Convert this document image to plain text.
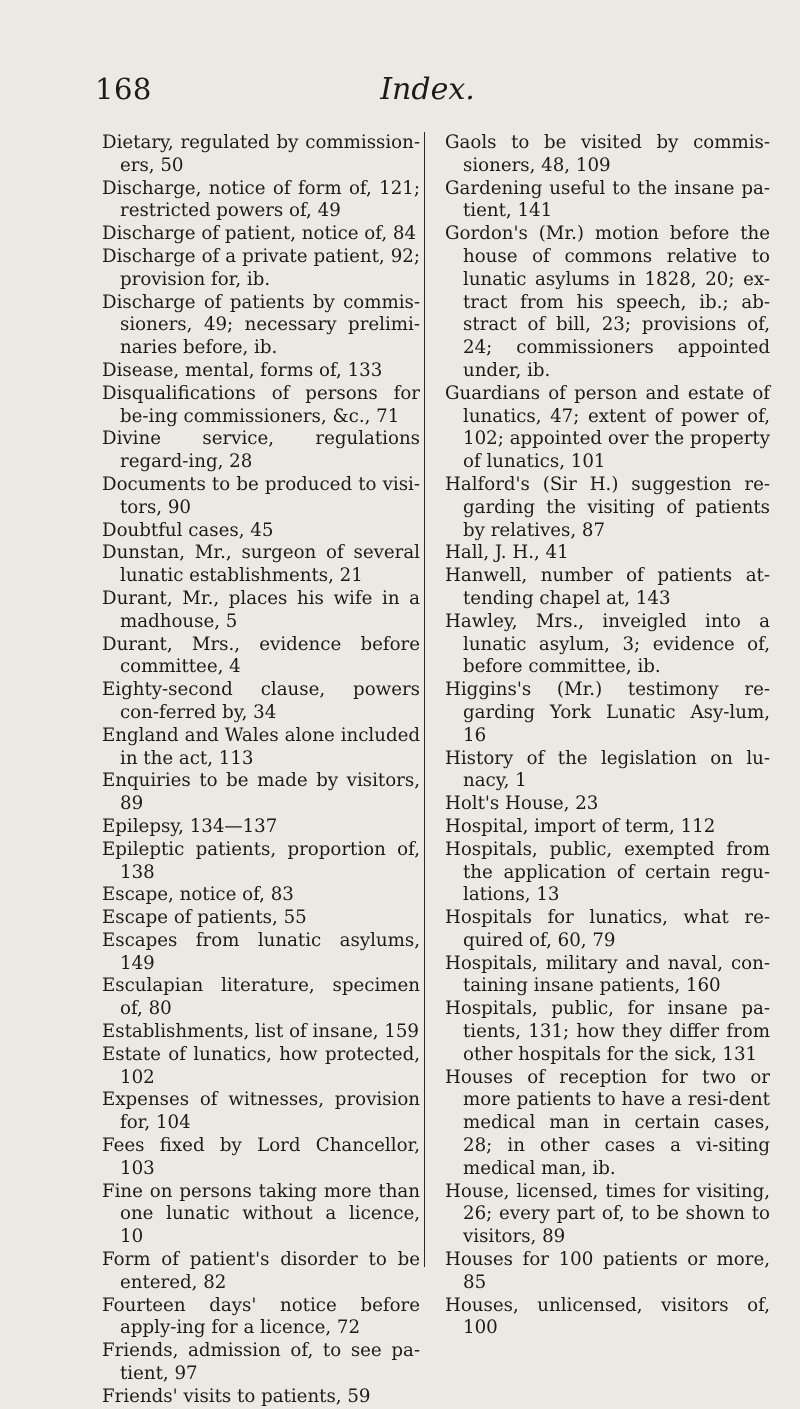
168	Index.

Dietary, regulated by commission-ers, 50

Discharge, notice of form of, 121; restricted powers of, 49

Discharge of patient, notice of, 84

Discharge of a private patient, 92; provision for, ib.

Discharge of patients by commis-sioners, 49; necessary prelimi-naries before, ib.

Disease, mental, forms of, 133

Disqualifications of persons for be-ing commissioners, &c., 71

Divine service, regulations regard-ing, 28

Documents to be produced to visi-tors, 90

Doubtful cases, 45

Dunstan, Mr., surgeon of several lunatic establishments, 21

Durant, Mr., places his wife in a madhouse, 5

Durant, Mrs., evidence before committee, 4

Eighty-second clause, powers con-ferred by, 34

England and Wales alone included in the act, 113

Enquiries to be made by visitors, 89

Epilepsy, 134—137

Epileptic patients, proportion of, 138

Escape, notice of, 83

Escape of patients, 55

Escapes from lunatic asylums, 149

Esculapian literature, specimen of, 80

Establishments, list of insane, 159

Estate of lunatics, how protected, 102

Expenses of witnesses, provision for, 104

Fees fixed by Lord Chancellor, 103

Fine on persons taking more than one lunatic without a licence, 10

Form of patient's disorder to be entered, 82

Fourteen days' notice before apply-ing for a licence, 72

Friends, admission of, to see pa-tient, 97

Friends' visits to patients, 59

Gaols to be visited by commis-sioners, 48, 109

Gardening useful to the insane pa-tient, 141

Gordon's (Mr.) motion before the house of commons relative to lunatic asylums in 1828, 20; ex-tract from his speech, ib.; ab-stract of bill, 23; provisions of, 24; commissioners appointed under, ib.

Guardians of person and estate of lunatics, 47; extent of power of, 102; appointed over the property of lunatics, 101

Halford's (Sir H.) suggestion re-garding the visiting of patients by relatives, 87

Hall, J. H., 41

Hanwell, number of patients at-tending chapel at, 143

Hawley, Mrs., inveigled into a lunatic asylum, 3; evidence of, before committee, ib.

Higgins's (Mr.) testimony re-garding York Lunatic Asy-lum, 16

History of the legislation on lu-nacy, 1

Holt's House, 23

Hospital, import of term, 112

Hospitals, public, exempted from the application of certain regu-lations, 13

Hospitals for lunatics, what re-quired of, 60, 79

Hospitals, military and naval, con-taining insane patients, 160

Hospitals, public, for insane pa-tients, 131; how they differ from other hospitals for the sick, 131

Houses of reception for two or more patients to have a resi-dent medical man in certain cases, 28; in other cases a vi-siting medical man, ib.

House, licensed, times for visiting, 26; every part of, to be shown to visitors, 89

Houses for 100 patients or more, 85

Houses, unlicensed, visitors of, 100
